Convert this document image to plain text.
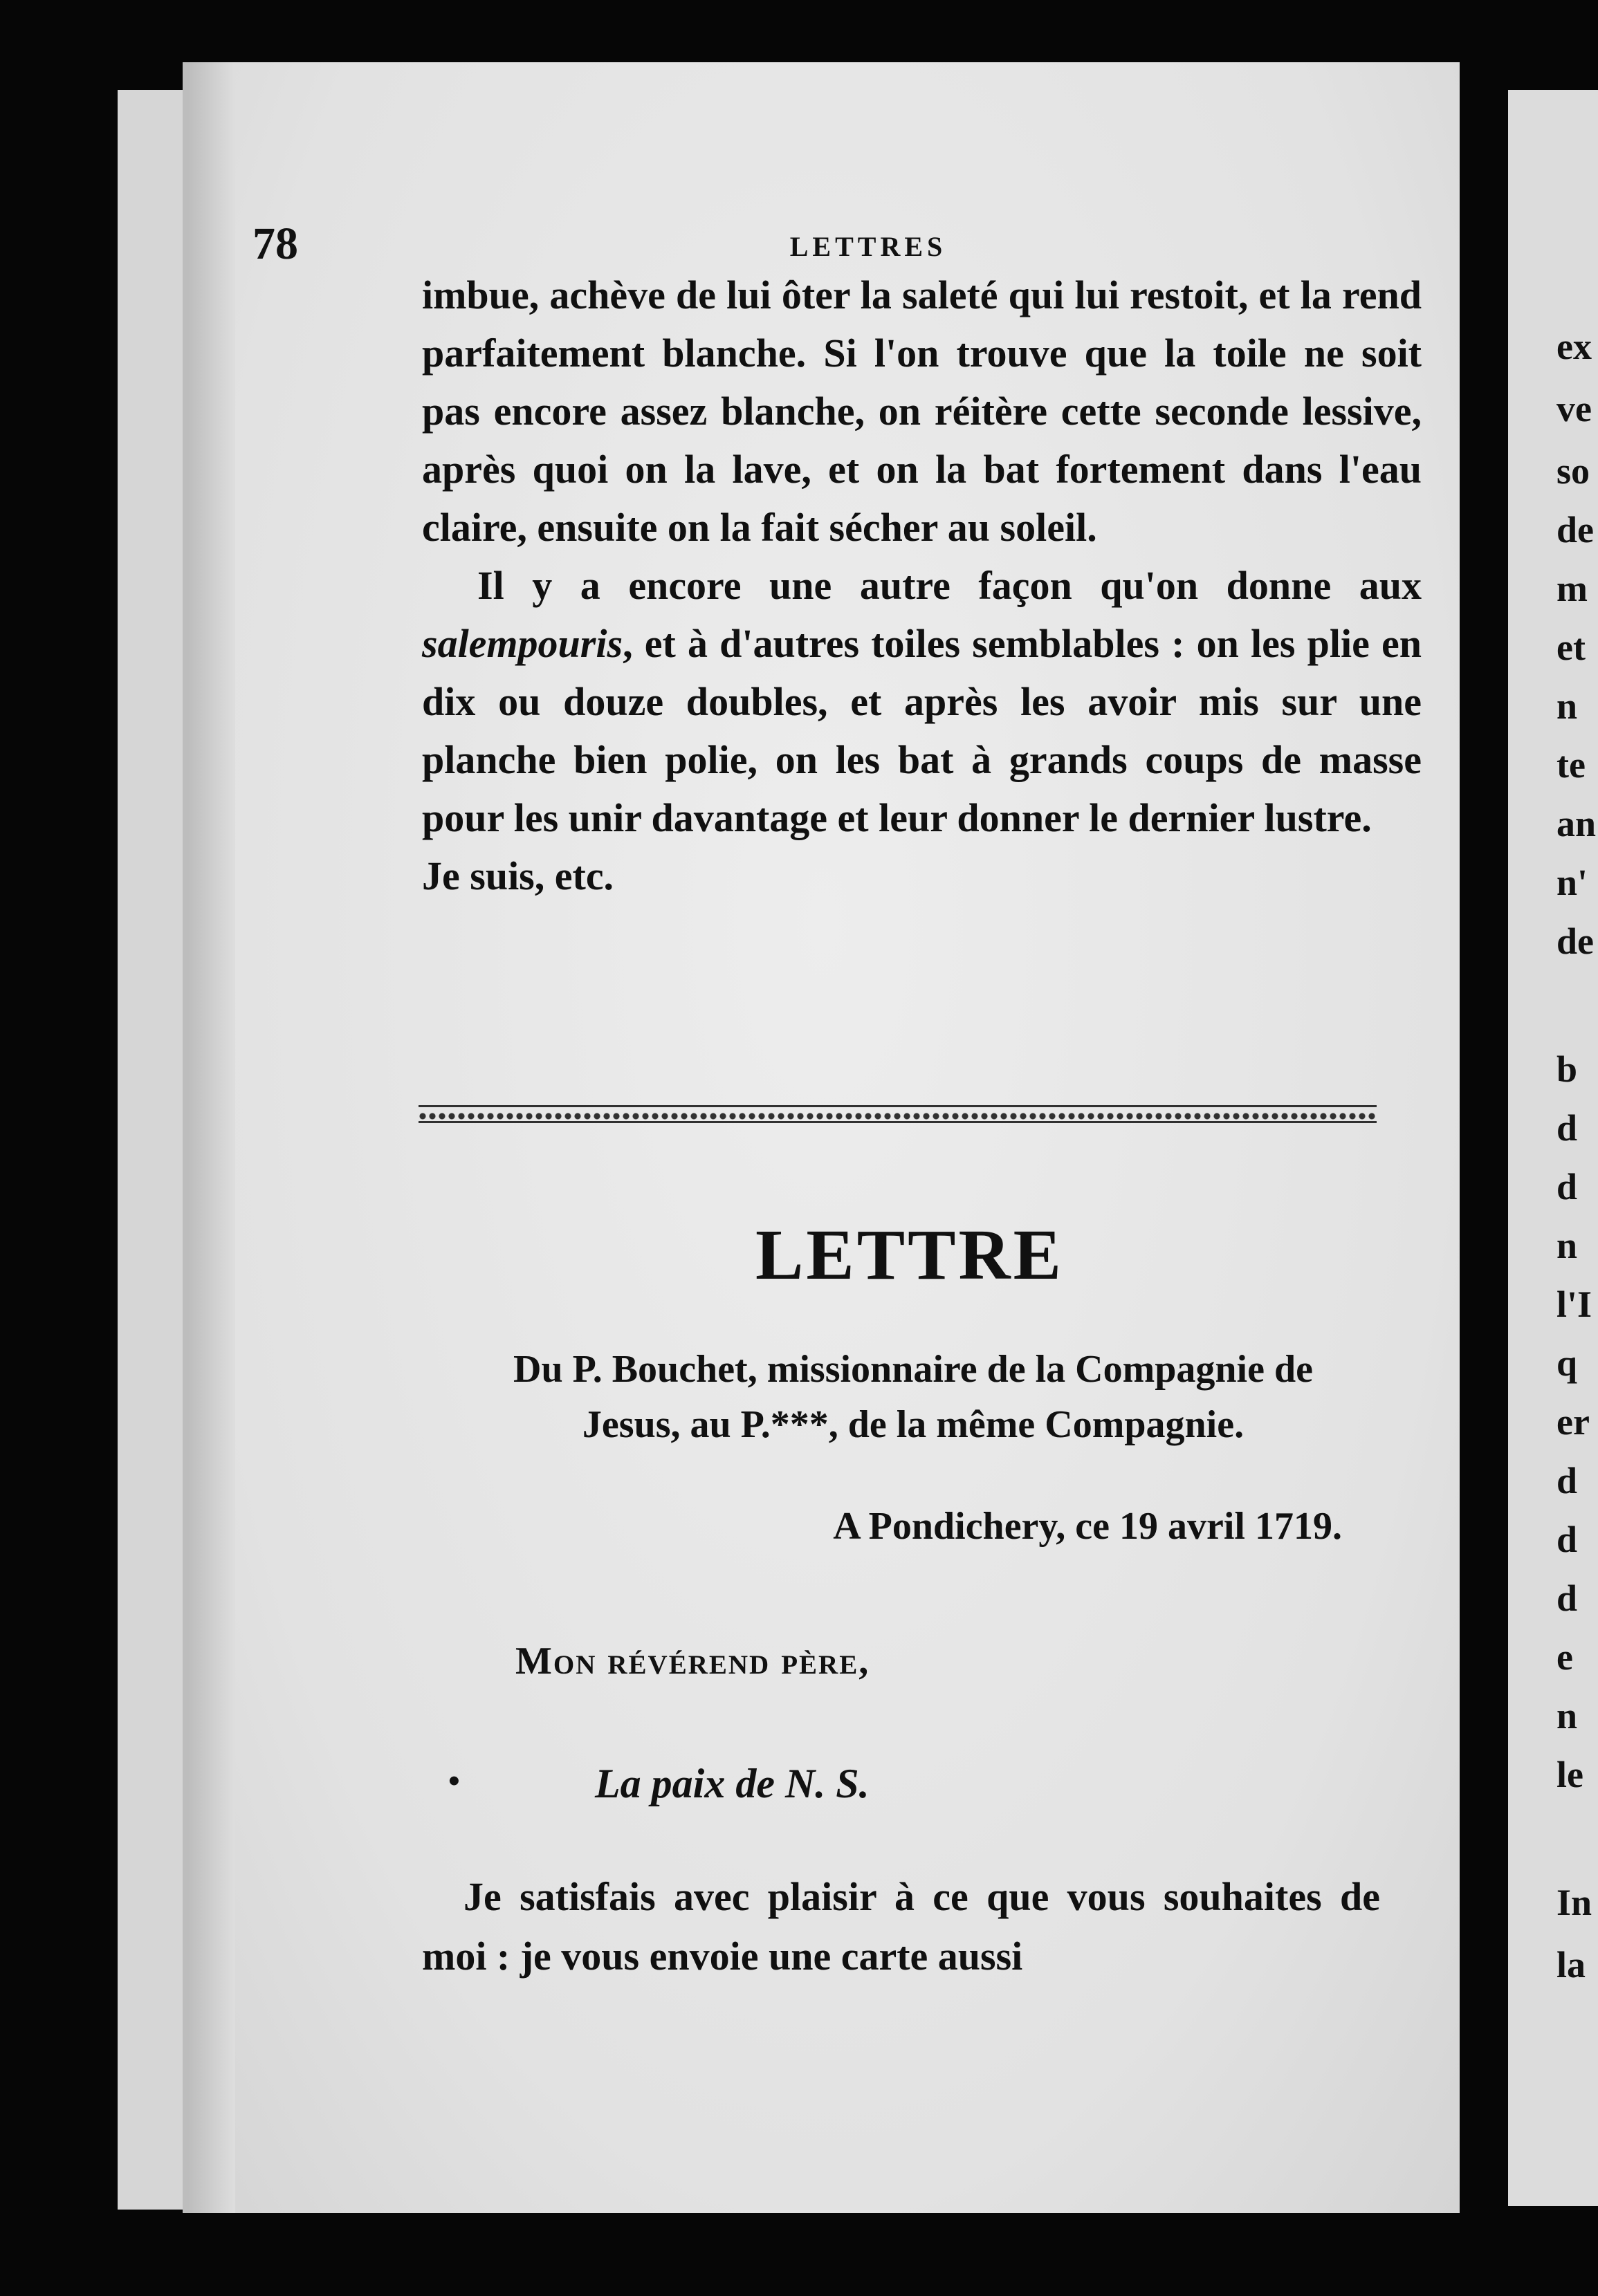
78	LETTRES

imbue, achève de lui ôter la saleté qui lui restoit, et la rend parfaitement blanche. Si l'on trouve que la toile ne soit pas encore assez blanche, on réitère cette seconde lessive, après quoi on la lave, et on la bat fortement dans l'eau claire, ensuite on la fait sécher au soleil.

Il y a encore une autre façon qu'on donne aux salempouris, et à d'autres toiles semblables : on les plie en dix ou douze doubles, et après les avoir mis sur une planche bien polie, on les bat à grands coups de masse pour les unir davantage et leur donner le dernier lustre.

Je suis, etc.

LETTRE
Du P. Bouchet, missionnaire de la Compagnie de
Jesus, au P.***, de la même Compagnie.
A Pondichery, ce 19 avril 1719.
Mon révérend père,
•	La paix de N. S.

Je satisfais avec plaisir à ce que vous souhaites de moi : je vous envoie une carte aussi

ex
ve
so
de
m
et
n
te
an
n'
de
b
d
d
n
l'I
q
er
d
d
d
e
n
le
In
la
